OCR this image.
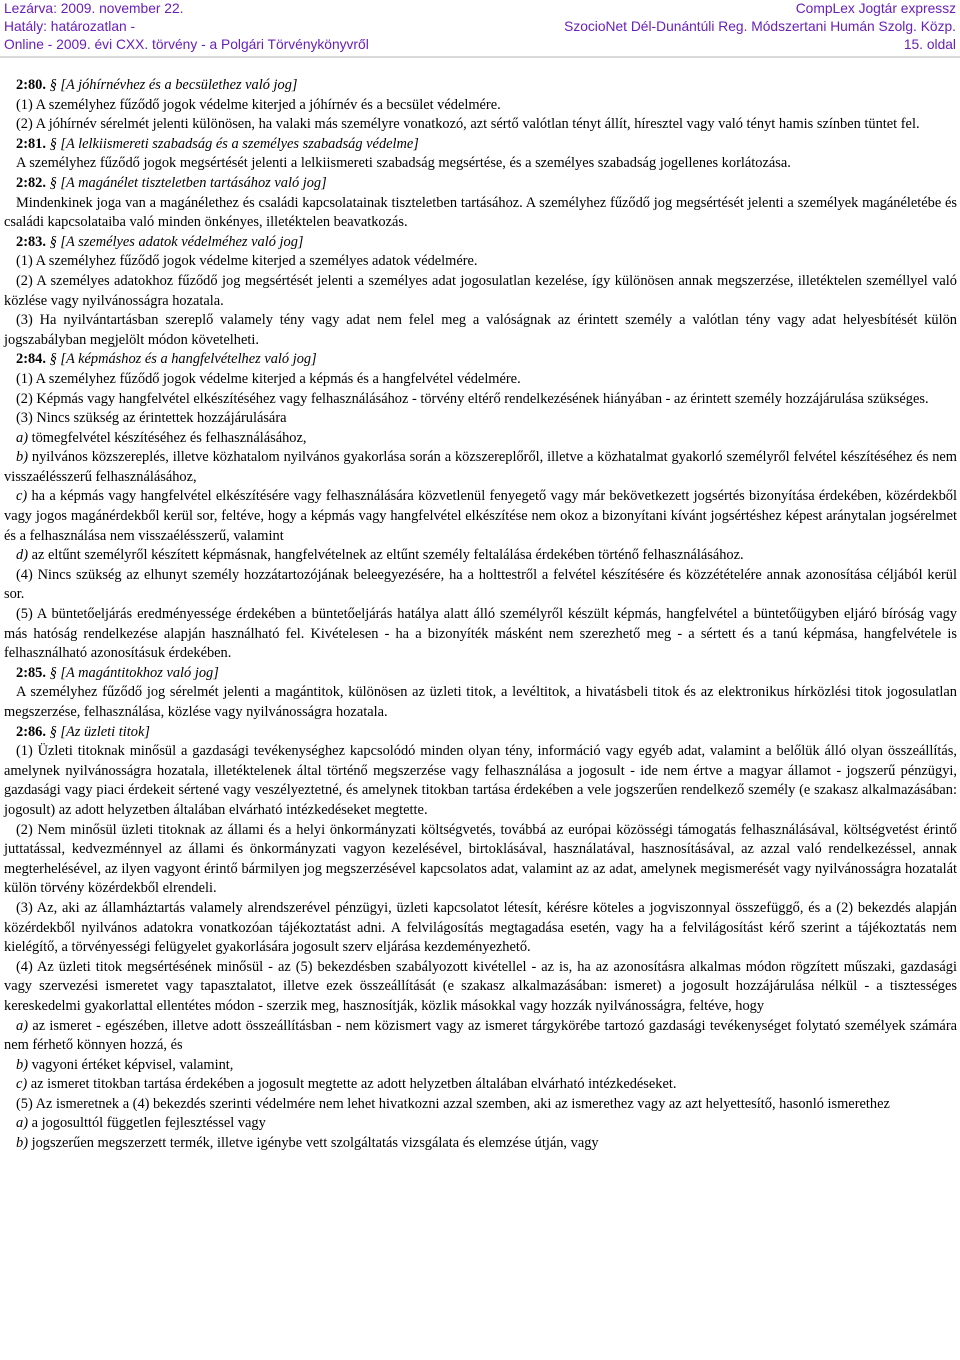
Lezárva: 2009. november 22.	CompLex Jogtár expressz
Hatály: határozatlan -	SzocioNet Dél-Dunántúli Reg. Módszertani Humán Szolg. Közp.
Online - 2009. évi CXX. törvény - a Polgári Törvénykönyvről	15. oldal

2:80. § [A jóhírnévhez és a becsülethez való jog]

(1) A személyhez fűződő jogok védelme kiterjed a jóhírnév és a becsület védelmére.

(2) A jóhírnév sérelmét jelenti különösen, ha valaki más személyre vonatkozó, azt sértő valótlan tényt állít, híresztel vagy való tényt hamis színben tüntet fel.

2:81. § [A lelkiismereti szabadság és a személyes szabadság védelme]

A személyhez fűződő jogok megsértését jelenti a lelkiismereti szabadság megsértése, és a személyes szabadság jogellenes korlátozása.

2:82. § [A magánélet tiszteletben tartásához való jog]

Mindenkinek joga van a magánélethez és családi kapcsolatainak tiszteletben tartásához. A személyhez fűződő jog megsértését jelenti a személyek magánéletébe és családi kapcsolataiba való minden önkényes, illetéktelen beavatkozás.

2:83. § [A személyes adatok védelméhez való jog]

(1) A személyhez fűződő jogok védelme kiterjed a személyes adatok védelmére.

(2) A személyes adatokhoz fűződő jog megsértését jelenti a személyes adat jogosulatlan kezelése, így különösen annak megszerzése, illetéktelen személlyel való közlése vagy nyilvánosságra hozatala.

(3) Ha nyilvántartásban szereplő valamely tény vagy adat nem felel meg a valóságnak az érintett személy a valótlan tény vagy adat helyesbítését külön jogszabályban megjelölt módon követelheti.

2:84. § [A képmáshoz és a hangfelvételhez való jog]

(1) A személyhez fűződő jogok védelme kiterjed a képmás és a hangfelvétel védelmére.

(2) Képmás vagy hangfelvétel elkészítéséhez vagy felhasználásához - törvény eltérő rendelkezésének hiányában - az érintett személy hozzájárulása szükséges.

(3) Nincs szükség az érintettek hozzájárulására

a) tömegfelvétel készítéséhez és felhasználásához,

b) nyilvános közszereplés, illetve közhatalom nyilvános gyakorlása során a közszereplőről, illetve a közhatalmat gyakorló személyről felvétel készítéséhez és nem visszaélésszerű felhasználásához,

c) ha a képmás vagy hangfelvétel elkészítésére vagy felhasználására közvetlenül fenyegető vagy már bekövetkezett jogsértés bizonyítása érdekében, közérdekből vagy jogos magánérdekből kerül sor, feltéve, hogy a képmás vagy hangfelvétel elkészítése nem okoz a bizonyítani kívánt jogsértéshez képest aránytalan jogsérelmet és a felhasználása nem visszaélésszerű, valamint

d) az eltűnt személyről készített képmásnak, hangfelvételnek az eltűnt személy feltalálása érdekében történő felhasználásához.

(4) Nincs szükség az elhunyt személy hozzátartozójának beleegyezésére, ha a holttestről a felvétel készítésére és közzétételére annak azonosítása céljából kerül sor.

(5) A büntetőeljárás eredményessége érdekében a büntetőeljárás hatálya alatt álló személyről készült képmás, hangfelvétel a büntetőügyben eljáró bíróság vagy más hatóság rendelkezése alapján használható fel. Kivételesen - ha a bizonyíték másként nem szerezhető meg - a sértett és a tanú képmása, hangfelvétele is felhasználható azonosításuk érdekében.

2:85. § [A magántitokhoz való jog]

A személyhez fűződő jog sérelmét jelenti a magántitok, különösen az üzleti titok, a levéltitok, a hivatásbeli titok és az elektronikus hírközlési titok jogosulatlan megszerzése, felhasználása, közlése vagy nyilvánosságra hozatala.

2:86. § [Az üzleti titok]

(1) Üzleti titoknak minősül a gazdasági tevékenységhez kapcsolódó minden olyan tény, információ vagy egyéb adat, valamint a belőlük álló olyan összeállítás, amelynek nyilvánosságra hozatala, illetéktelenek által történő megszerzése vagy felhasználása a jogosult - ide nem értve a magyar államot - jogszerű pénzügyi, gazdasági vagy piaci érdekeit sértené vagy veszélyeztetné, és amelynek titokban tartása érdekében a vele jogszerűen rendelkező személy (e szakasz alkalmazásában: jogosult) az adott helyzetben általában elvárható intézkedéseket megtette.

(2) Nem minősül üzleti titoknak az állami és a helyi önkormányzati költségvetés, továbbá az európai közösségi támogatás felhasználásával, költségvetést érintő juttatással, kedvezménnyel az állami és önkormányzati vagyon kezelésével, birtoklásával, használatával, hasznosításával, az azzal való rendelkezéssel, annak megterhelésével, az ilyen vagyont érintő bármilyen jog megszerzésével kapcsolatos adat, valamint az az adat, amelynek megismerését vagy nyilvánosságra hozatalát külön törvény közérdekből elrendeli.

(3) Az, aki az államháztartás valamely alrendszerével pénzügyi, üzleti kapcsolatot létesít, kérésre köteles a jogviszonnyal összefüggő, és a (2) bekezdés alapján közérdekből nyilvános adatokra vonatkozóan tájékoztatást adni. A felvilágosítás megtagadása esetén, vagy ha a felvilágosítást kérő szerint a tájékoztatás nem kielégítő, a törvényességi felügyelet gyakorlására jogosult szerv eljárása kezdeményezhető.

(4) Az üzleti titok megsértésének minősül - az (5) bekezdésben szabályozott kivétellel - az is, ha az azonosításra alkalmas módon rögzített műszaki, gazdasági vagy szervezési ismeretet vagy tapasztalatot, illetve ezek összeállítását (e szakasz alkalmazásában: ismeret) a jogosult hozzájárulása nélkül - a tisztességes kereskedelmi gyakorlattal ellentétes módon - szerzik meg, hasznosítják, közlik másokkal vagy hozzák nyilvánosságra, feltéve, hogy

a) az ismeret - egészében, illetve adott összeállításban - nem közismert vagy az ismeret tárgykörébe tartozó gazdasági tevékenységet folytató személyek számára nem férhető könnyen hozzá, és

b) vagyoni értéket képvisel, valamint,

c) az ismeret titokban tartása érdekében a jogosult megtette az adott helyzetben általában elvárható intézkedéseket.

(5) Az ismeretnek a (4) bekezdés szerinti védelmére nem lehet hivatkozni azzal szemben, aki az ismerethez vagy az azt helyettesítő, hasonló ismerethez

a) a jogosulttól független fejlesztéssel vagy

b) jogszerűen megszerzett termék, illetve igénybe vett szolgáltatás vizsgálata és elemzése útján, vagy
